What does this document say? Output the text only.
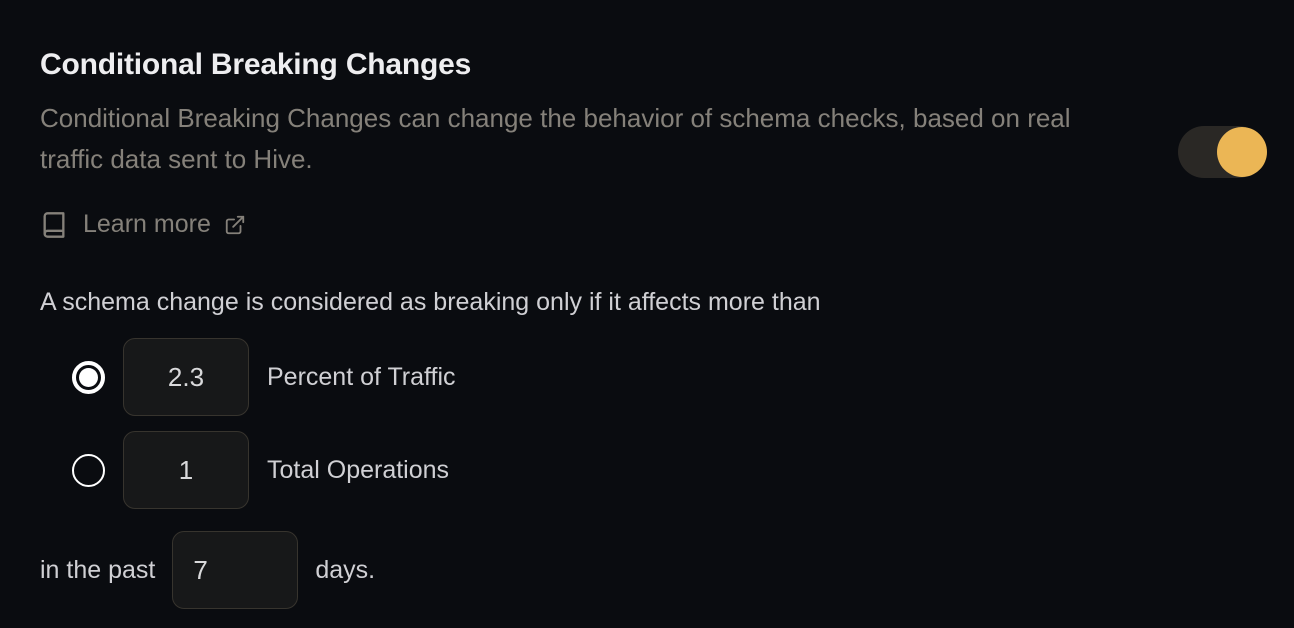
Conditional Breaking Changes

Conditional Breaking Changes can change the behavior of schema checks, based on real
traffic data sent to Hive.

Learn more

A schema change is considered as breaking only if it affects more than

2.3
Percent of Traffic
1
Total Operations
in the past
7	days.
